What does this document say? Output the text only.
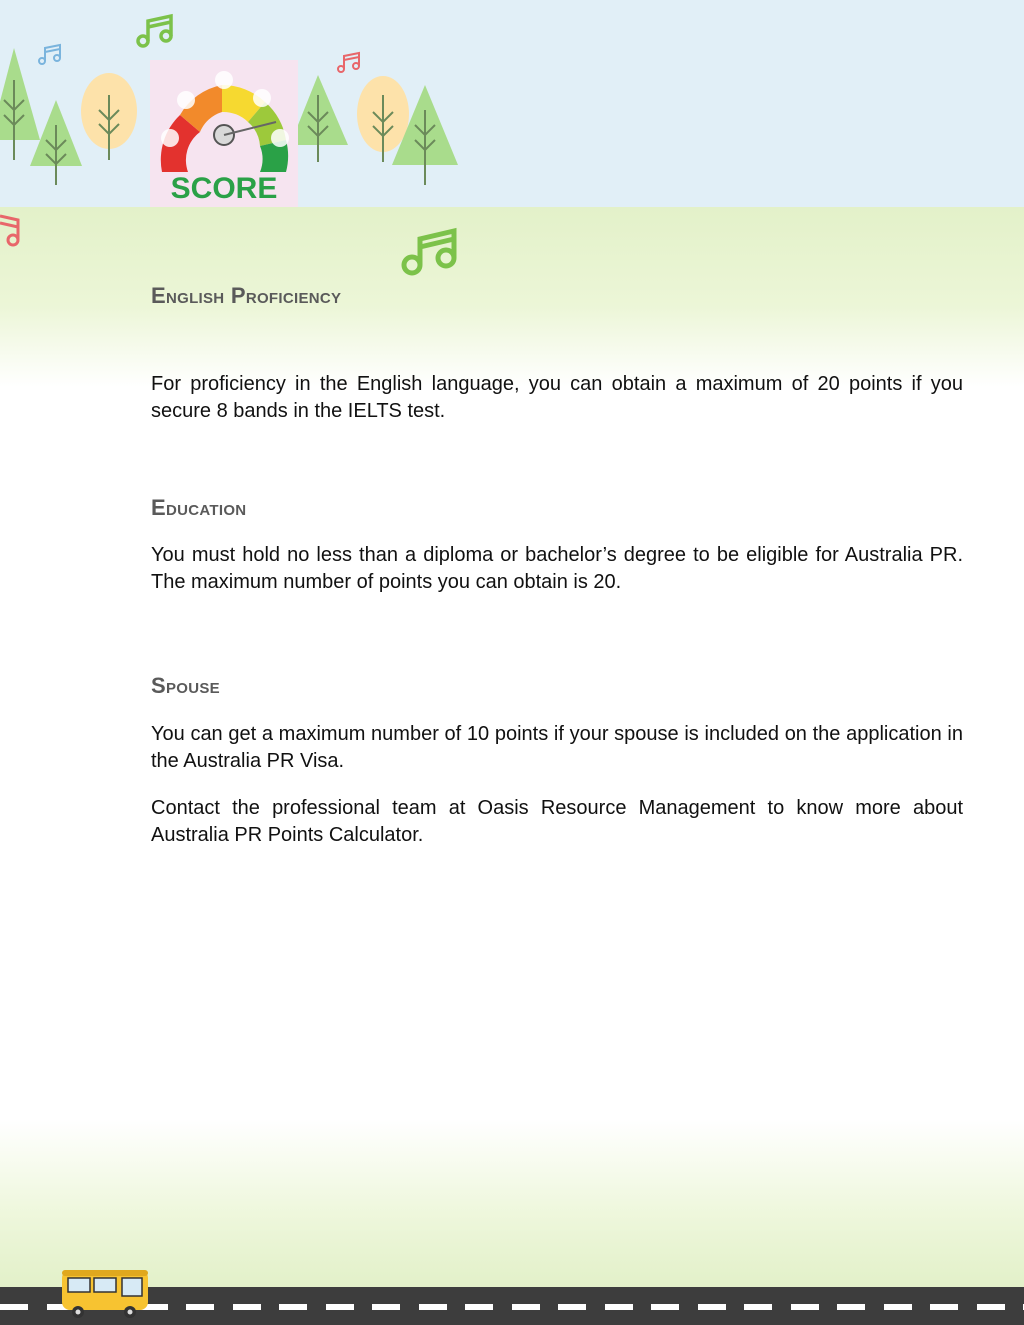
SCORE
English Proficiency

For proficiency in the English language, you can obtain a maximum of 20 points if you secure 8 bands in the IELTS test.

Education

You must hold no less than a diploma or bachelor’s degree to be eligible for Australia PR. The maximum number of points you can obtain is 20.

Spouse

You can get a maximum number of 10 points if your spouse is included on the application in the Australia PR Visa.

Contact the professional team at Oasis Resource Management to know more about Australia PR Points Calculator.
